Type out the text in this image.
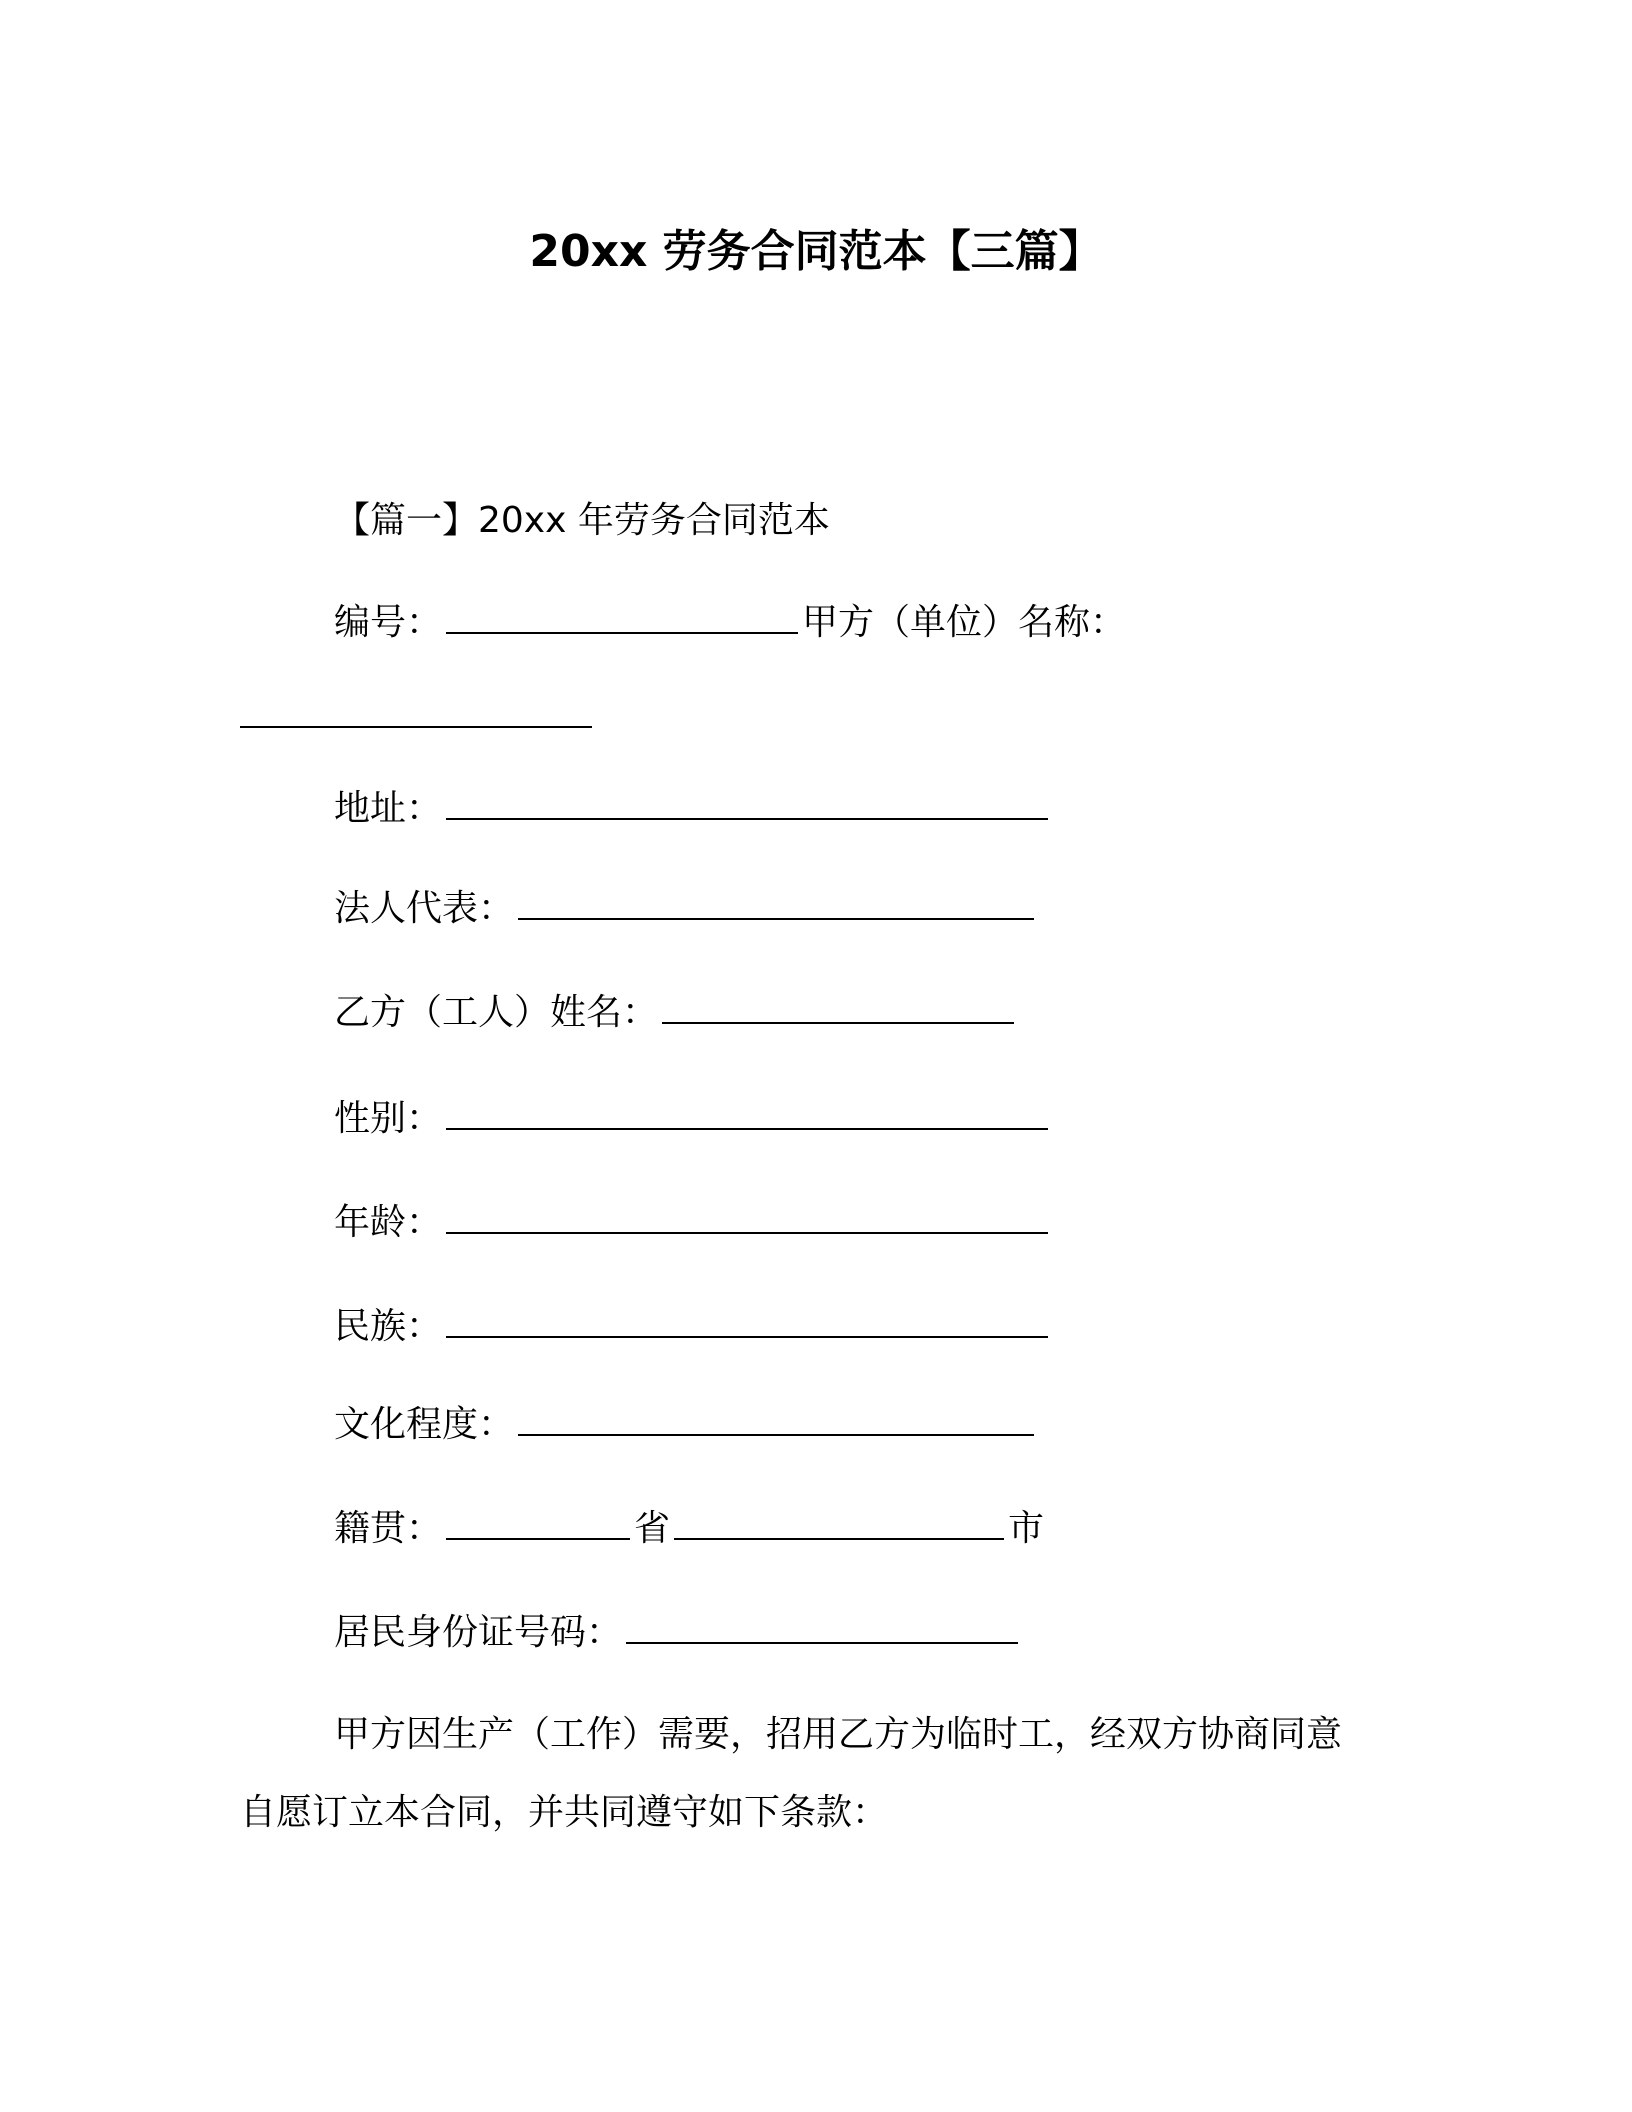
20xx 劳务合同范本【三篇】
【篇一】20xx 年劳务合同范本
编号：	甲方（单位）名称：
地址：
法人代表：
乙方（工人）姓名：
性别：
年龄：
民族：
文化程度：
籍贯：	省	市
居民身份证号码：
甲方因生产（工作）需要，招用乙方为临时工，经双方协商同意
自愿订立本合同，并共同遵守如下条款：
